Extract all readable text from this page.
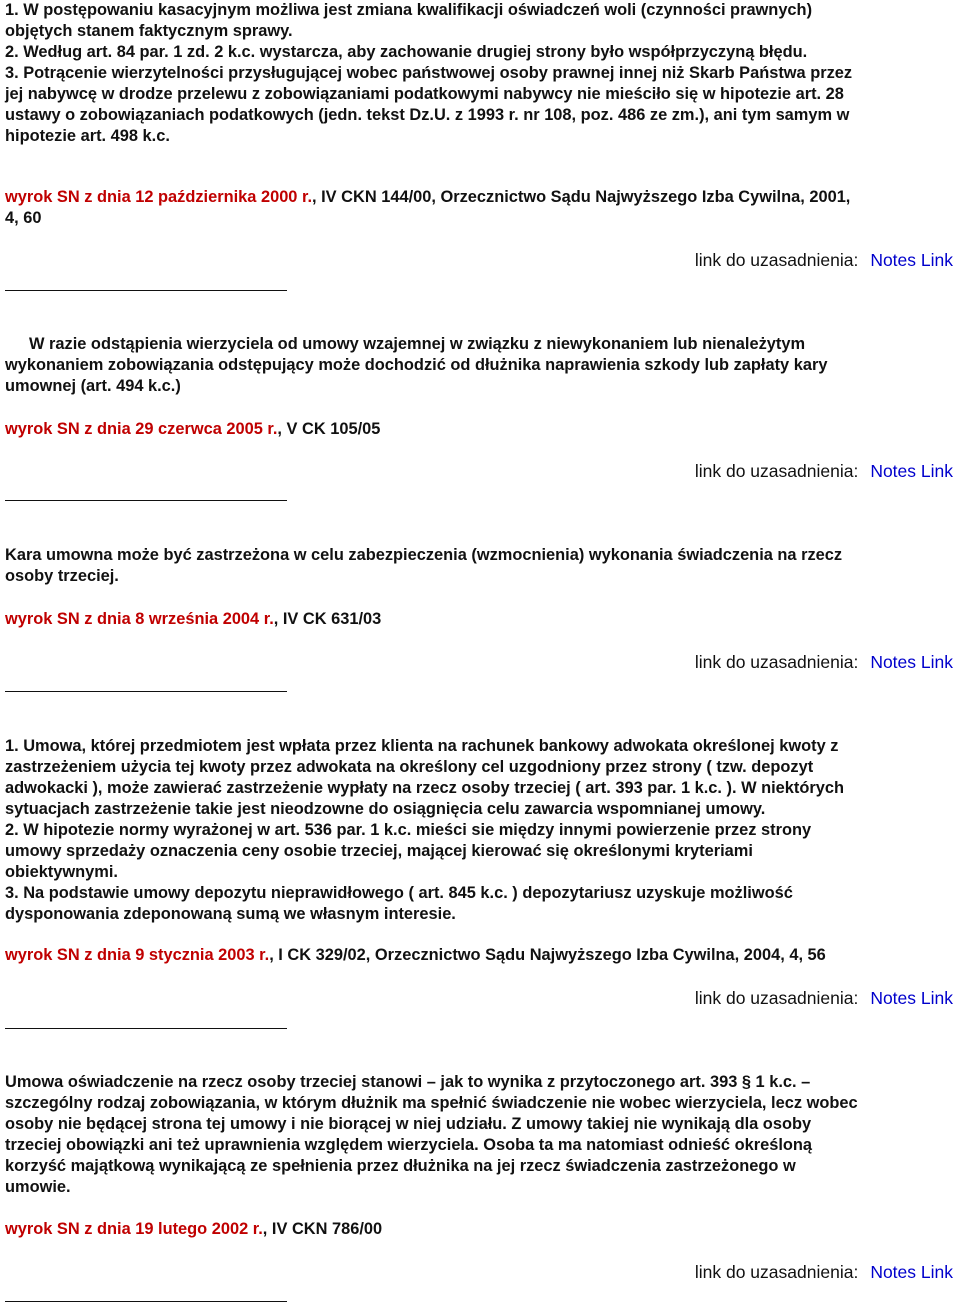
1. W postępowaniu kasacyjnym możliwa jest zmiana kwalifikacji oświadczeń woli (czynności prawnych)
objętych stanem faktycznym sprawy.
2. Według art. 84 par. 1 zd. 2 k.c. wystarcza, aby zachowanie drugiej strony było współprzyczyną błędu.
3. Potrącenie wierzytelności przysługującej wobec państwowej osoby prawnej innej niż Skarb Państwa przez
jej nabywcę w drodze przelewu z zobowiązaniami podatkowymi nabywcy nie mieściło się w hipotezie art. 28
ustawy o zobowiązaniach podatkowych (jedn. tekst Dz.U. z 1993 r. nr 108, poz. 486 ze zm.), ani tym samym w
hipotezie art. 498 k.c.

wyrok SN z dnia 12 października 2000 r., IV CKN 144/00, Orzecznictwo Sądu Najwyższego Izba Cywilna, 2001,
4, 60

link do uzasadnienia: Notes Link

W razie odstąpienia wierzyciela od umowy wzajemnej w związku z niewykonaniem lub nienależytym
wykonaniem zobowiązania odstępujący może dochodzić od dłużnika naprawienia szkody lub zapłaty kary
umownej (art. 494 k.c.)

wyrok SN z dnia 29 czerwca 2005 r., V CK 105/05

link do uzasadnienia: Notes Link

Kara umowna może być zastrzeżona w celu zabezpieczenia (wzmocnienia) wykonania świadczenia na rzecz
osoby trzeciej.

wyrok SN z dnia 8 września 2004 r., IV CK 631/03

link do uzasadnienia: Notes Link

1. Umowa, której przedmiotem jest wpłata przez klienta na rachunek bankowy adwokata określonej kwoty z
zastrzeżeniem użycia tej kwoty przez adwokata na określony cel uzgodniony przez strony ( tzw. depozyt
adwokacki ), może zawierać zastrzeżenie wypłaty na rzecz osoby trzeciej ( art. 393 par. 1 k.c. ). W niektórych
sytuacjach zastrzeżenie takie jest nieodzowne do osiągnięcia celu zawarcia wspomnianej umowy.
2. W hipotezie normy wyrażonej w art. 536 par. 1 k.c. mieści sie między innymi powierzenie przez strony
umowy sprzedaży oznaczenia ceny osobie trzeciej, mającej kierować się określonymi kryteriami
obiektywnymi.
3. Na podstawie umowy depozytu nieprawidłowego ( art. 845 k.c. ) depozytariusz uzyskuje możliwość
dysponowania zdeponowaną sumą we własnym interesie.

wyrok SN z dnia 9 stycznia 2003 r., I CK 329/02, Orzecznictwo Sądu Najwyższego Izba Cywilna, 2004, 4, 56

link do uzasadnienia: Notes Link

Umowa oświadczenie na rzecz osoby trzeciej stanowi – jak to wynika z przytoczonego art. 393 § 1 k.c. –
szczególny rodzaj zobowiązania, w którym dłużnik ma spełnić świadczenie nie wobec wierzyciela, lecz wobec
osoby nie będącej strona tej umowy i nie biorącej w niej udziału. Z umowy takiej nie wynikają dla osoby
trzeciej obowiązki ani też uprawnienia względem wierzyciela. Osoba ta ma natomiast odnieść określoną
korzyść majątkową wynikającą ze spełnienia przez dłużnika na jej rzecz świadczenia zastrzeżonego w
umowie.

wyrok SN z dnia 19 lutego 2002 r., IV CKN 786/00

link do uzasadnienia: Notes Link
